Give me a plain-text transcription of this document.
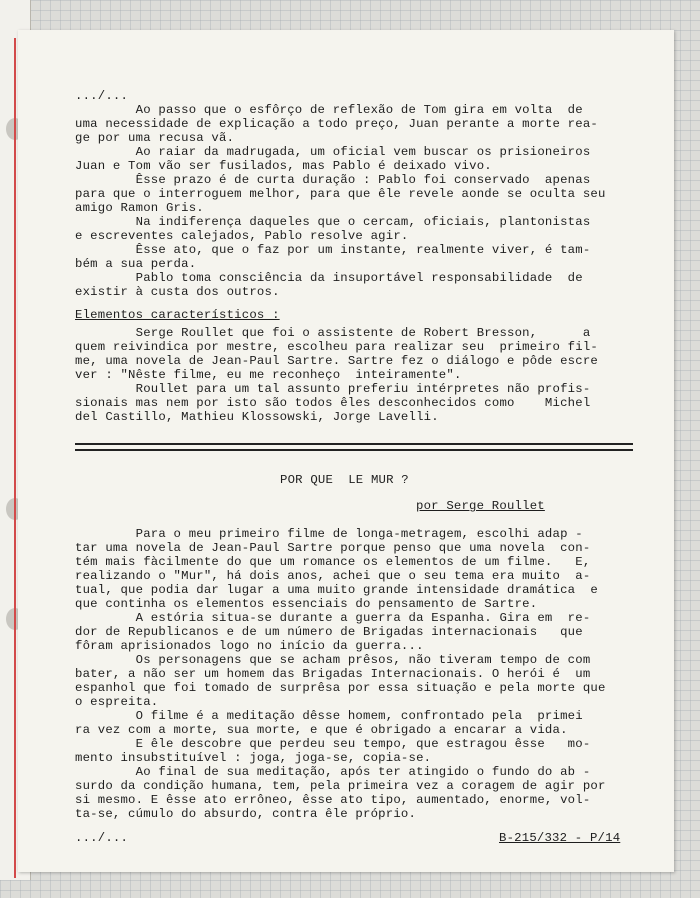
.../...
Ao passo que o esfôrço de reflexão de Tom gira em volta  de
uma necessidade de explicação a todo preço, Juan perante a morte rea-
ge por uma recusa vã.
Ao raiar da madrugada, um oficial vem buscar os prisioneiros
Juan e Tom vão ser fusilados, mas Pablo é deixado vivo.
Êsse prazo é de curta duração : Pablo foi conservado  apenas
para que o interroguem melhor, para que êle revele aonde se oculta seu
amigo Ramon Gris.
Na indiferença daqueles que o cercam, oficiais, plantonistas
e escreventes calejados, Pablo resolve agir.
Êsse ato, que o faz por um instante, realmente viver, é tam-
bém a sua perda.
Pablo toma consciência da insuportável responsabilidade  de
existir à custa dos outros.
Elementos característicos :
Serge Roullet que foi o assistente de Robert Bresson,      a
quem reivindica por mestre, escolheu para realizar seu  primeiro fil-
me, uma novela de Jean-Paul Sartre. Sartre fez o diálogo e pôde escre
ver : "Nêste filme, eu me reconheço  inteiramente".
Roullet para um tal assunto preferiu intérpretes não profis-
sionais mas nem por isto são todos êles desconhecidos como    Michel
del Castillo, Mathieu Klossowski, Jorge Lavelli.
POR QUE  LE MUR ?
por Serge Roullet
Para o meu primeiro filme de longa-metragem, escolhi adap -
tar uma novela de Jean-Paul Sartre porque penso que uma novela  con-
tém mais fàcilmente do que um romance os elementos de um filme.   E,
realizando o "Mur", há dois anos, achei que o seu tema era muito  a-
tual, que podia dar lugar a uma muito grande intensidade dramática  e
que continha os elementos essenciais do pensamento de Sartre.
A estória situa-se durante a guerra da Espanha. Gira em  re-
dor de Republicanos e de um número de Brigadas internacionais   que
fôram aprisionados logo no início da guerra...
Os personagens que se acham prêsos, não tiveram tempo de com
bater, a não ser um homem das Brigadas Internacionais. O herói é  um
espanhol que foi tomado de surprêsa por essa situação e pela morte que
o espreita.
O filme é a meditação dêsse homem, confrontado pela  primei
ra vez com a morte, sua morte, e que é obrigado a encarar a vida.
E êle descobre que perdeu seu tempo, que estragou êsse   mo-
mento insubstituível : joga, joga-se, copia-se.
Ao final de sua meditação, após ter atingido o fundo do ab -
surdo da condição humana, tem, pela primeira vez a coragem de agir por
si mesmo. E êsse ato errôneo, êsse ato tipo, aumentado, enorme, vol-
ta-se, cúmulo do absurdo, contra êle próprio.
.../...	B-215/332 - P/14
